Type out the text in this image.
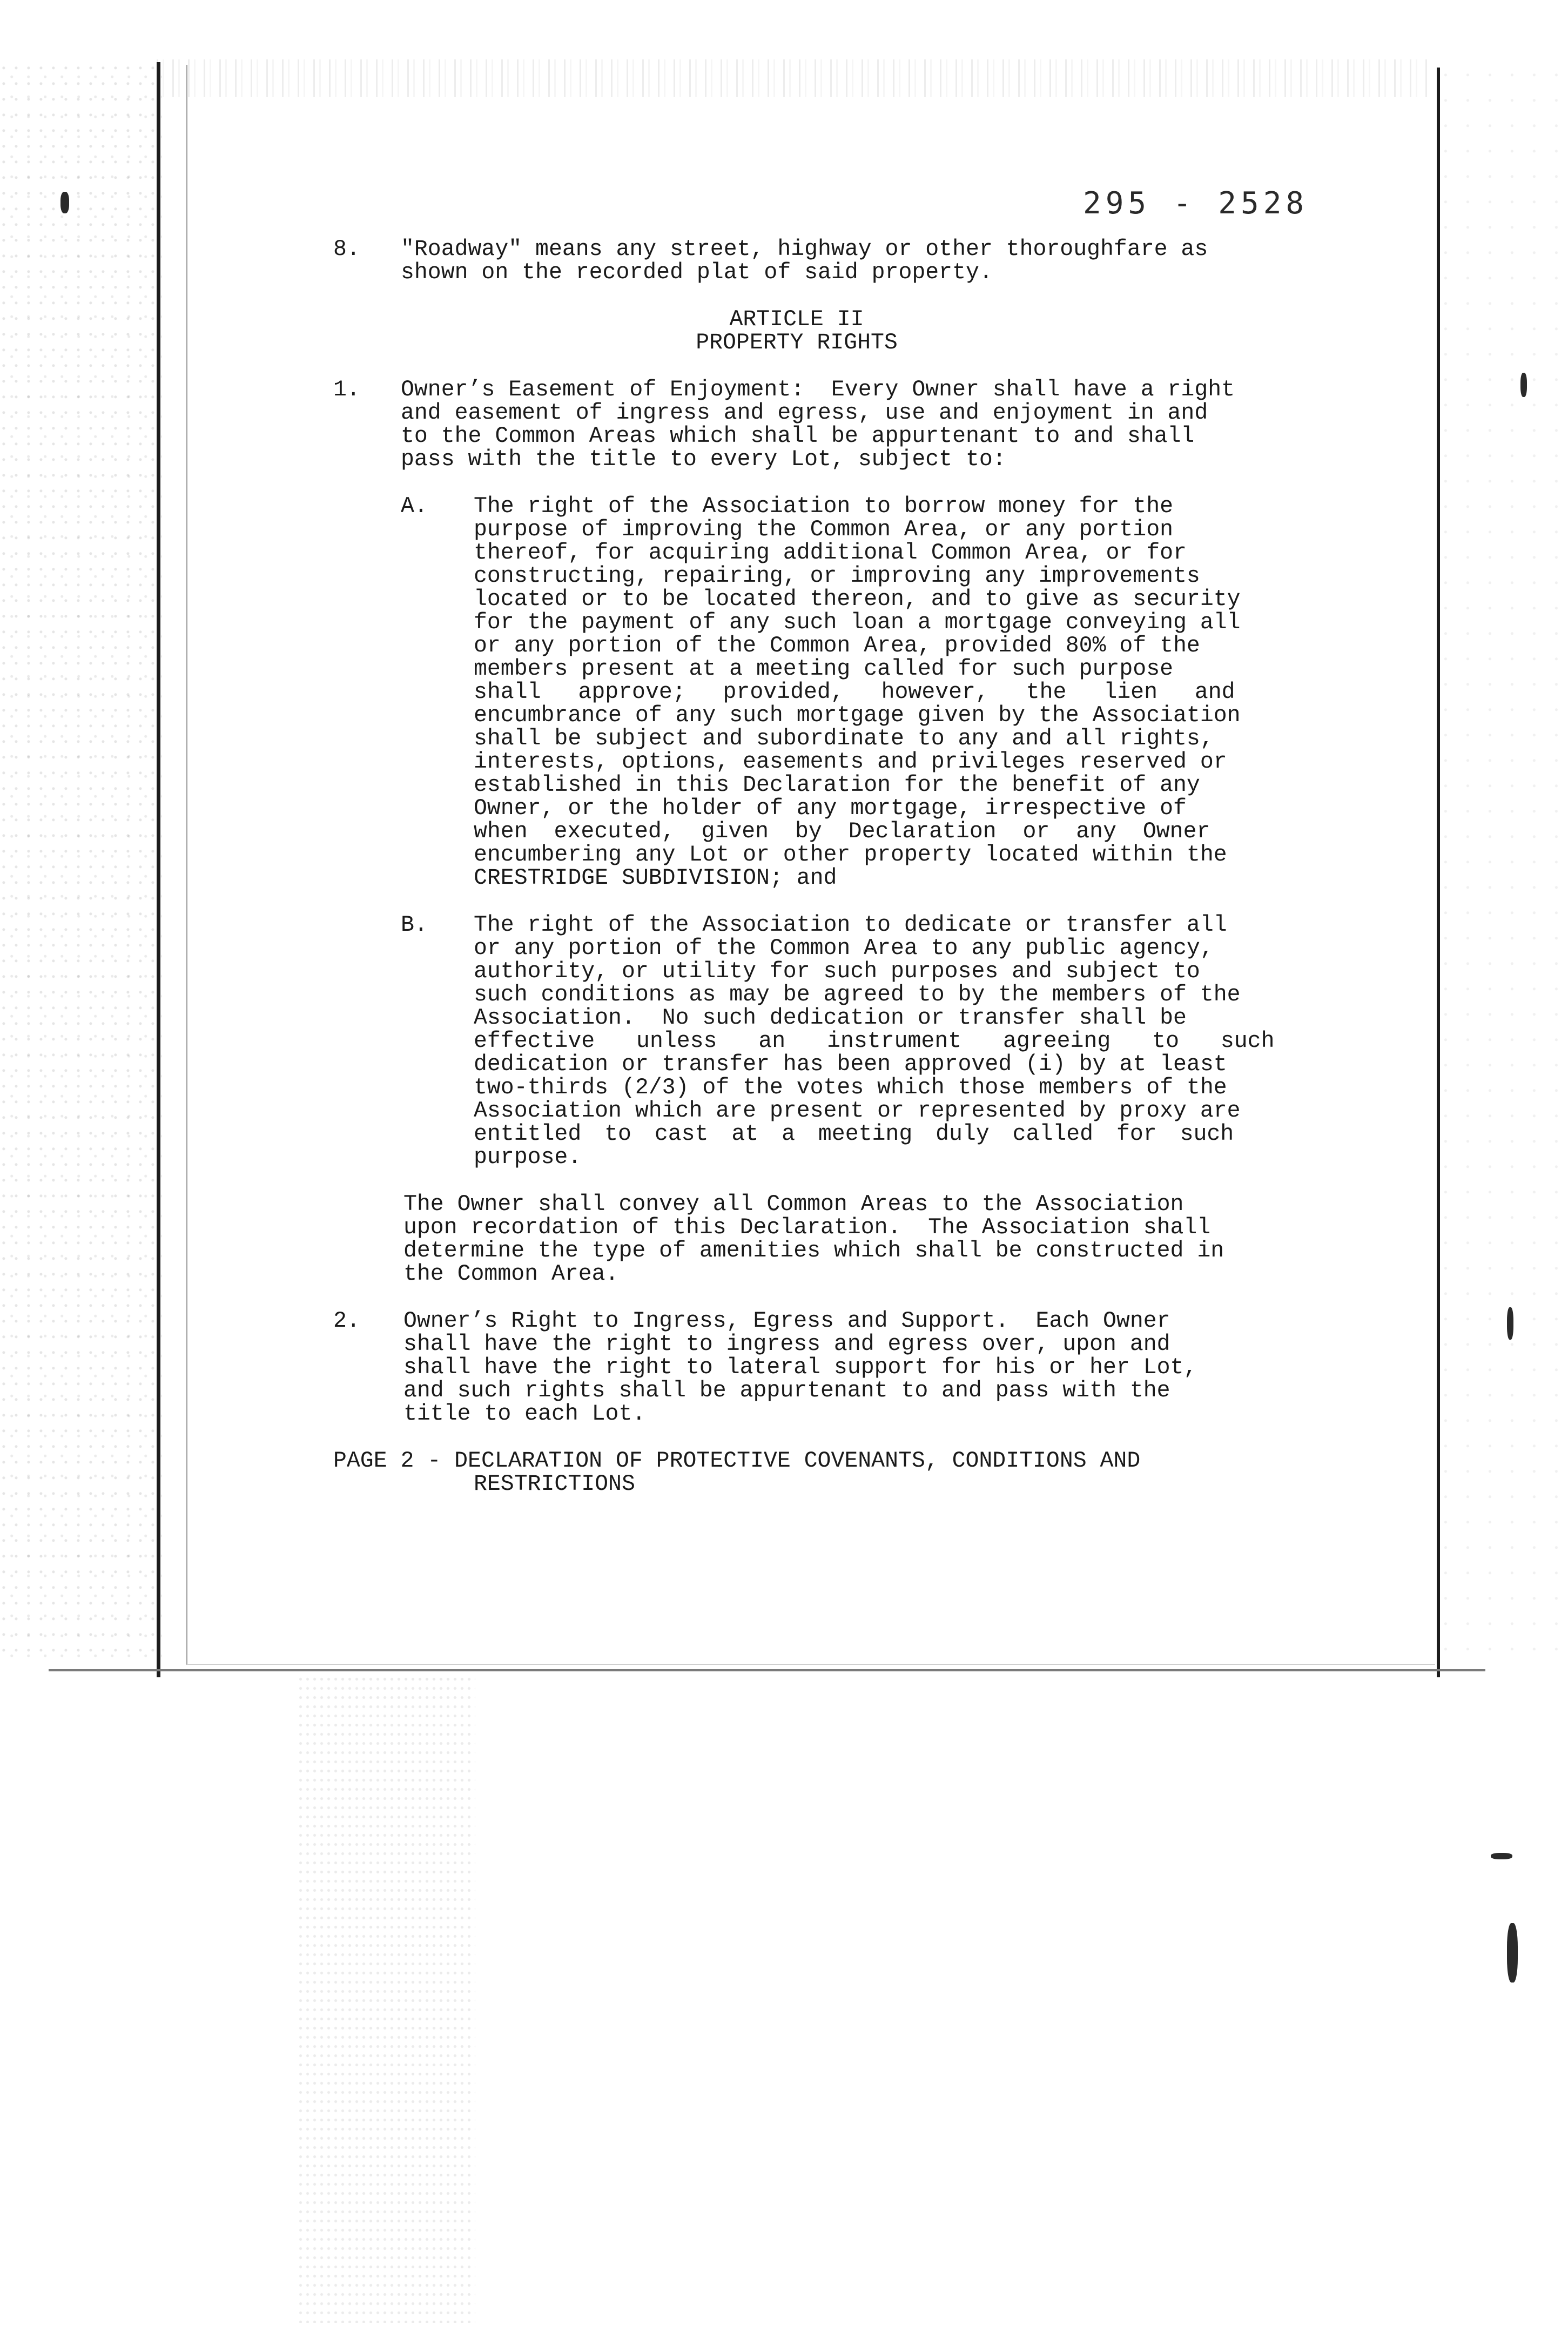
295 - 2528

8.

"Roadway" means any street, highway or other thoroughfare as

shown on the recorded plat of said property.

ARTICLE II

PROPERTY RIGHTS

1.

Owner’s Easement of Enjoyment:  Every Owner shall have a right

and easement of ingress and egress, use and enjoyment in and

to the Common Areas which shall be appurtenant to and shall

pass with the title to every Lot, subject to:

A.

The right of the Association to borrow money for the

purpose of improving the Common Area, or any portion

thereof, for acquiring additional Common Area, or for

constructing, repairing, or improving any improvements

located or to be located thereon, and to give as security

for the payment of any such loan a mortgage conveying all

or any portion of the Common Area, provided 80% of the

members present at a meeting called for such purpose

shall approve; provided, however, the lien and

encumbrance of any such mortgage given by the Association

shall be subject and subordinate to any and all rights,

interests, options, easements and privileges reserved or

established in this Declaration for the benefit of any

Owner, or the holder of any mortgage, irrespective of

when executed, given by Declaration or any Owner

encumbering any Lot or other property located within the

CRESTRIDGE SUBDIVISION; and

B.

The right of the Association to dedicate or transfer all

or any portion of the Common Area to any public agency,

authority, or utility for such purposes and subject to

such conditions as may be agreed to by the members of the

Association.  No such dedication or transfer shall be

effective unless an instrument agreeing to such

dedication or transfer has been approved (i) by at least

two-thirds (2/3) of the votes which those members of the

Association which are present or represented by proxy are

entitled to cast at a meeting duly called for such

purpose.

The Owner shall convey all Common Areas to the Association

upon recordation of this Declaration.  The Association shall

determine the type of amenities which shall be constructed in

the Common Area.

2.

Owner’s Right to Ingress, Egress and Support.  Each Owner

shall have the right to ingress and egress over, upon and

shall have the right to lateral support for his or her Lot,

and such rights shall be appurtenant to and pass with the

title to each Lot.

PAGE 2 - DECLARATION OF PROTECTIVE COVENANTS, CONDITIONS AND

RESTRICTIONS
